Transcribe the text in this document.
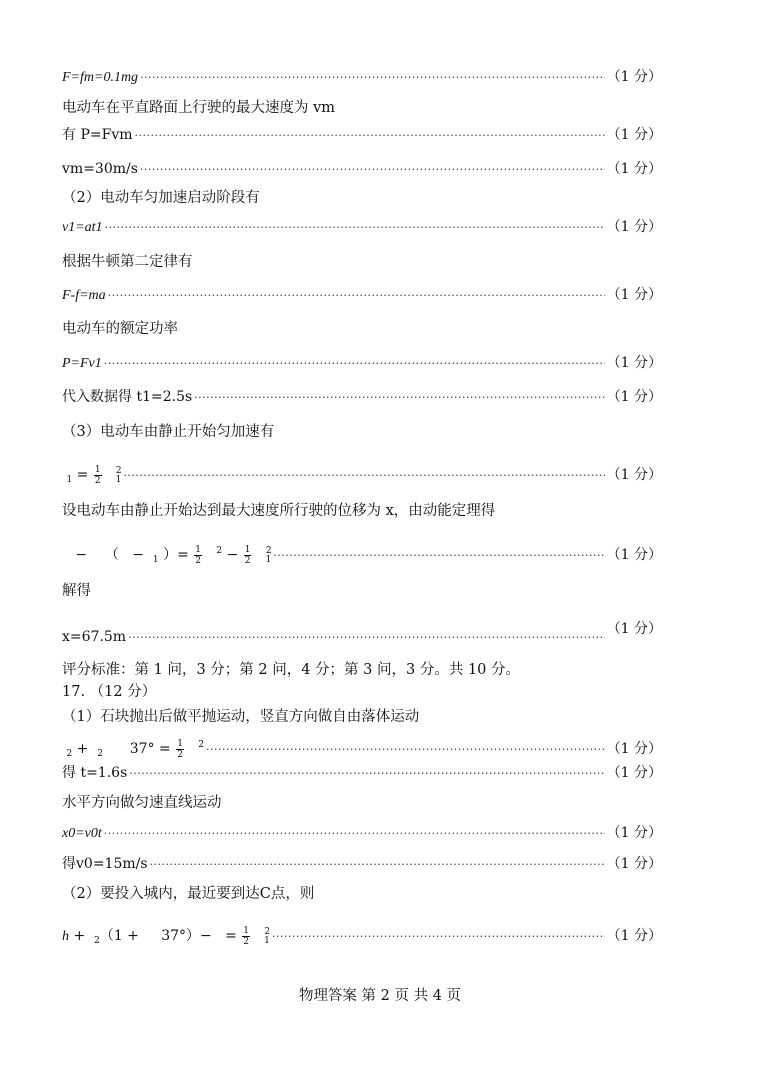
F=fm=0.1mg ·····	（1 分）
电动车在平直路面上行驶的最大速度为 vm
有 P=Fvm ·····	（1 分）
vm=30m/s ·····	（1 分）
（2）电动车匀加速启动阶段有
v1=at1 ·····	（1 分）
根据牛顿第二定律有
F-f=ma ·····	（1 分）
电动车的额定功率
P=Fv1 ·····	（1 分）
代入数据得 t1=2.5s ·····	（1 分）
（3）电动车由静止开始匀加速有
$_1 = \frac{1}{2} ^2_1$ ·····	（1 分）
设电动车由静止开始达到最大速度所行驶的位移为 x，由动能定理得
− （ − $_1$ ）= $\frac{1}{2} ^2 - \frac{1}{2} ^2_1$ ·····	（1 分）
解得
x=67.5m ·····	（1 分）
评分标准：第 1 问，3 分；第 2 问，4 分；第 3 问，3 分。共 10 分。
17. （12 分）
（1）石块抛出后做平抛运动，竖直方向做自由落体运动
$_2$ + $_2$ $37^\circ = \frac{1}{2} ^2$ ·····	（1 分）
得 t=1.6s ·····	（1 分）
水平方向做匀速直线运动
x0=v0t ·····	（1 分）
得v0=15m/s ·····	（1 分）
（2）要投入城内，最近要到达C点，则
$h + _2(1 + 37^\circ)- = \frac{1}{2} ^2_1$ ·····	（1 分）
物理答案 第 2 页 共 4 页
